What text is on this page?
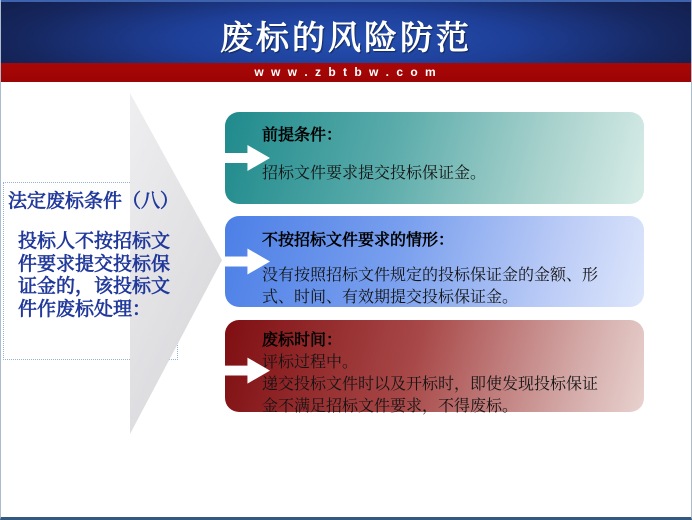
废标的风险防范
w w w . z b t b w . c o m

法定废标条件（八）

投标人不按招标文件要求提交投标保证金的，该投标文件作废标处理：

前提条件：

招标文件要求提交投标保证金。

不按招标文件要求的情形：

没有按照招标文件规定的投标保证金的金额、形式、时间、有效期提交投标保证金。

废标时间：

评标过程中。

递交投标文件时以及开标时，即使发现投标保证金不满足招标文件要求，不得废标。
